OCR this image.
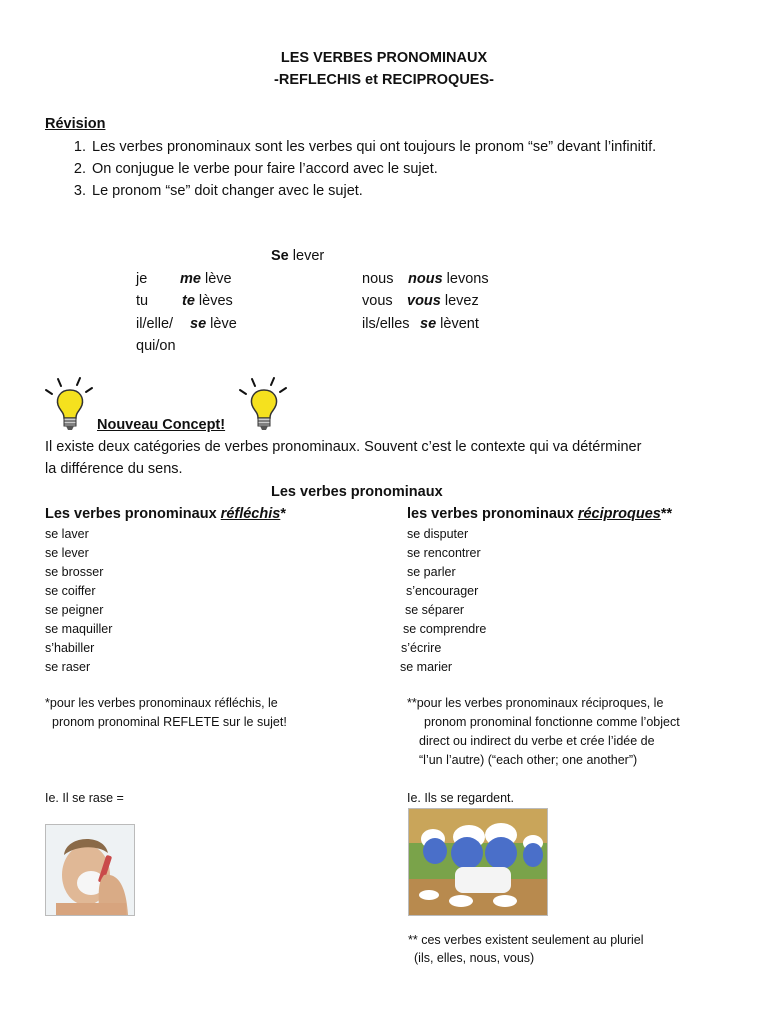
LES VERBES PRONOMINAUX
-REFLECHIS et RECIPROQUES-
Révision
1. Les verbes pronominaux sont les verbes qui ont toujours le pronom “se” devant l’infinitif.
2. On conjugue le verbe pour faire l’accord avec le sujet.
3. Le pronom “se” doit changer avec le sujet.
Se lever
je me lève
tu te lèves
il/elle/ se lève
qui/on
nous nous levons
vous vous levez
ils/elles se lèvent
Nouveau Concept!
Il existe deux catégories de verbes pronominaux. Souvent c’est le contexte qui va détérminer
la différence du sens.
Les verbes pronominaux
Les verbes pronominaux réfléchis*	les verbes pronominaux réciproques**
se laver
se lever
se brosser
se coiffer
se peigner
se maquiller
s’habiller
se raser
se disputer
se rencontrer
se parler
s’encourager
se séparer
se comprendre
s’écrire
se marier
*pour les verbes pronominaux réfléchis, le
pronom pronominal REFLETE sur le sujet!
**pour les verbes pronominaux réciproques, le
pronom pronominal fonctionne comme l’object
direct ou indirect du verbe et crée l’idée de
“l’un l’autre) (“each other; one another”)
Ie. Il se rase =	Ie. Ils se regardent.
** ces verbes existent seulement au pluriel
(ils, elles, nous, vous)
